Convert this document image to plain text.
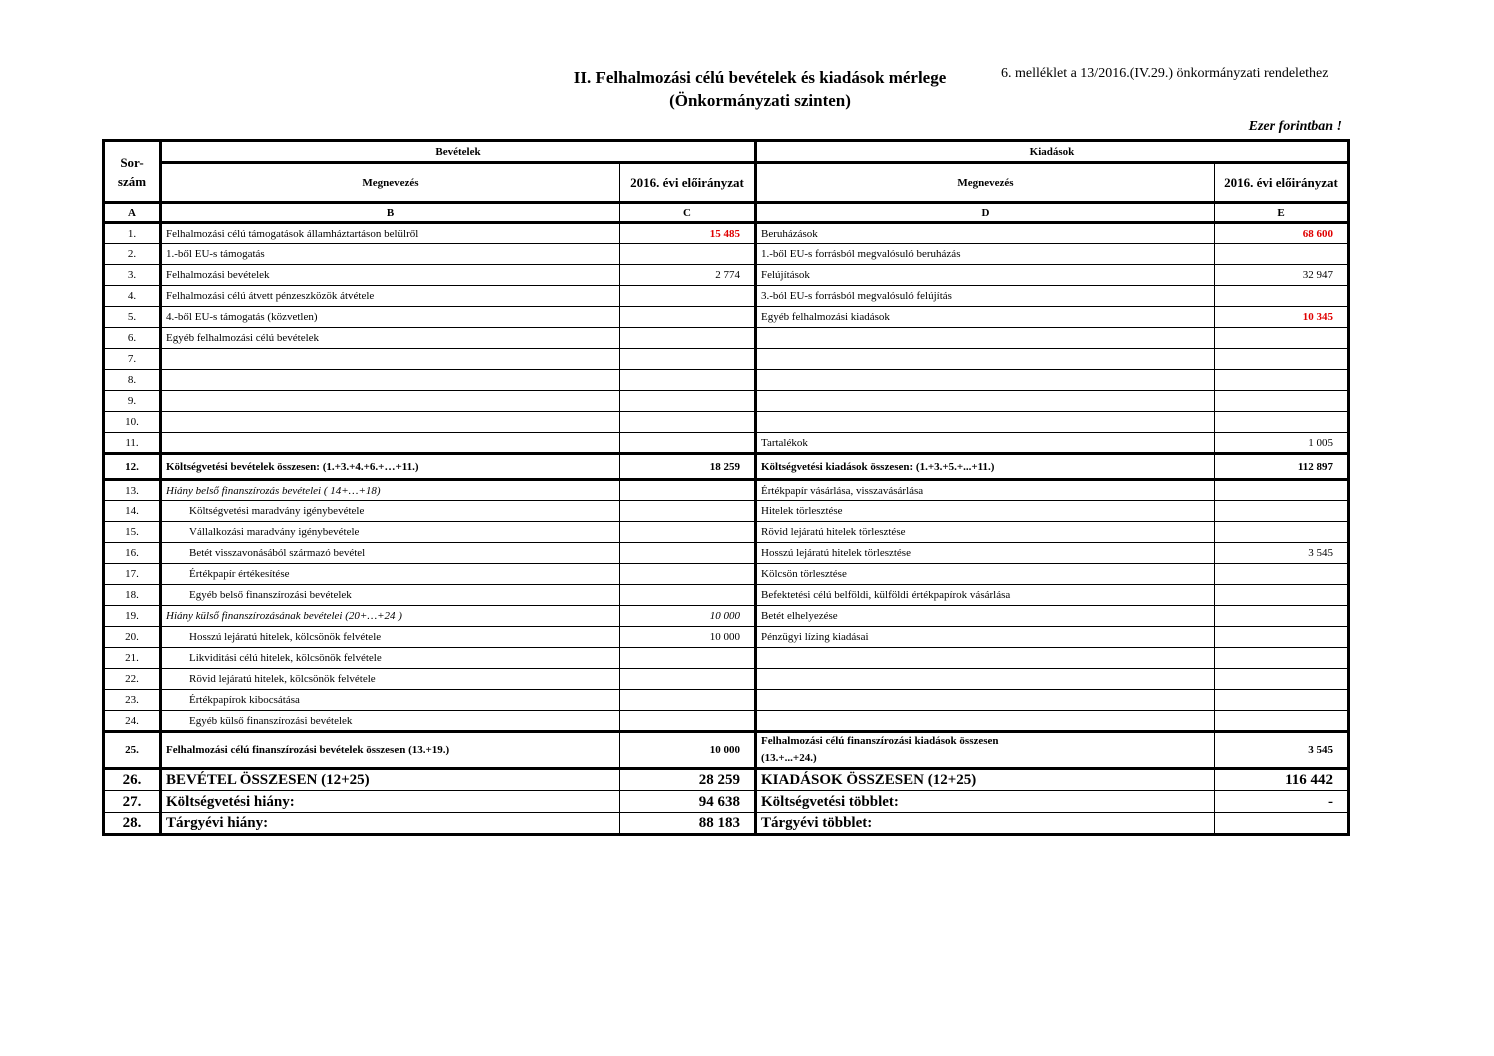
II. Felhalmozási célú bevételek és kiadások mérlege
(Önkormányzati szinten)
6. melléklet a 13/2016.(IV.29.) önkormányzati rendelethez
Ezer forintban !
Sor-szám	Bevételek		Kiadások	
	Megnevezés	2016. évi előirányzat	Megnevezés	2016. évi előirányzat
A	B	C	D	E
1.	Felhalmozási célú támogatások államháztartáson belülről	15 485	Beruházások	68 600
2.	1.-ből EU-s támogatás		1.-ből EU-s forrásból megvalósuló beruházás	
3.	Felhalmozási bevételek	2 774	Felújítások	32 947
4.	Felhalmozási célú átvett pénzeszközök átvétele		3.-ból EU-s forrásból megvalósuló felújítás	
5.	4.-ből EU-s támogatás (közvetlen)		Egyéb felhalmozási kiadások	10 345
6.	Egyéb felhalmozási célú bevételek			
7.				
8.				
9.				
10.				
11.			Tartalékok	1 005
12.	Költségvetési bevételek összesen: (1.+3.+4.+6.+…+11.)	18 259	Költségvetési kiadások összesen: (1.+3.+5.+...+11.)	112 897
13.	Hiány belső finanszírozás bevételei ( 14+…+18)		Értékpapír vásárlása, visszavásárlása	
14.	Költségvetési maradvány igénybevétele		Hitelek törlesztése	
15.	Vállalkozási maradvány igénybevétele		Rövid lejáratú hitelek törlesztése	
16.	Betét visszavonásából származó bevétel		Hosszú lejáratú hitelek törlesztése	3 545
17.	Értékpapír értékesítése		Kölcsön törlesztése	
18.	Egyéb belső finanszírozási bevételek		Befektetési célú belföldi, külföldi értékpapírok vásárlása	
19.	Hiány külső finanszírozásának bevételei (20+…+24 )	10 000	Betét elhelyezése	
20.	Hosszú lejáratú hitelek, kölcsönök felvétele	10 000	Pénzügyi lízing kiadásai	
21.	Likviditási célú hitelek, kölcsönök felvétele			
22.	Rövid lejáratú hitelek, kölcsönök felvétele			
23.	Értékpapírok kibocsátása			
24.	Egyéb külső finanszírozási bevételek			
25.	Felhalmozási célú finanszírozási bevételek összesen (13.+19.)	10 000	Felhalmozási célú finanszírozási kiadások összesen
(13.+...+24.)	3 545
26.	BEVÉTEL ÖSSZESEN (12+25)	28 259	KIADÁSOK ÖSSZESEN (12+25)	116 442
27.	Költségvetési hiány:	94 638	Költségvetési többlet:	-
28.	Tárgyévi hiány:	88 183	Tárgyévi többlet:	
